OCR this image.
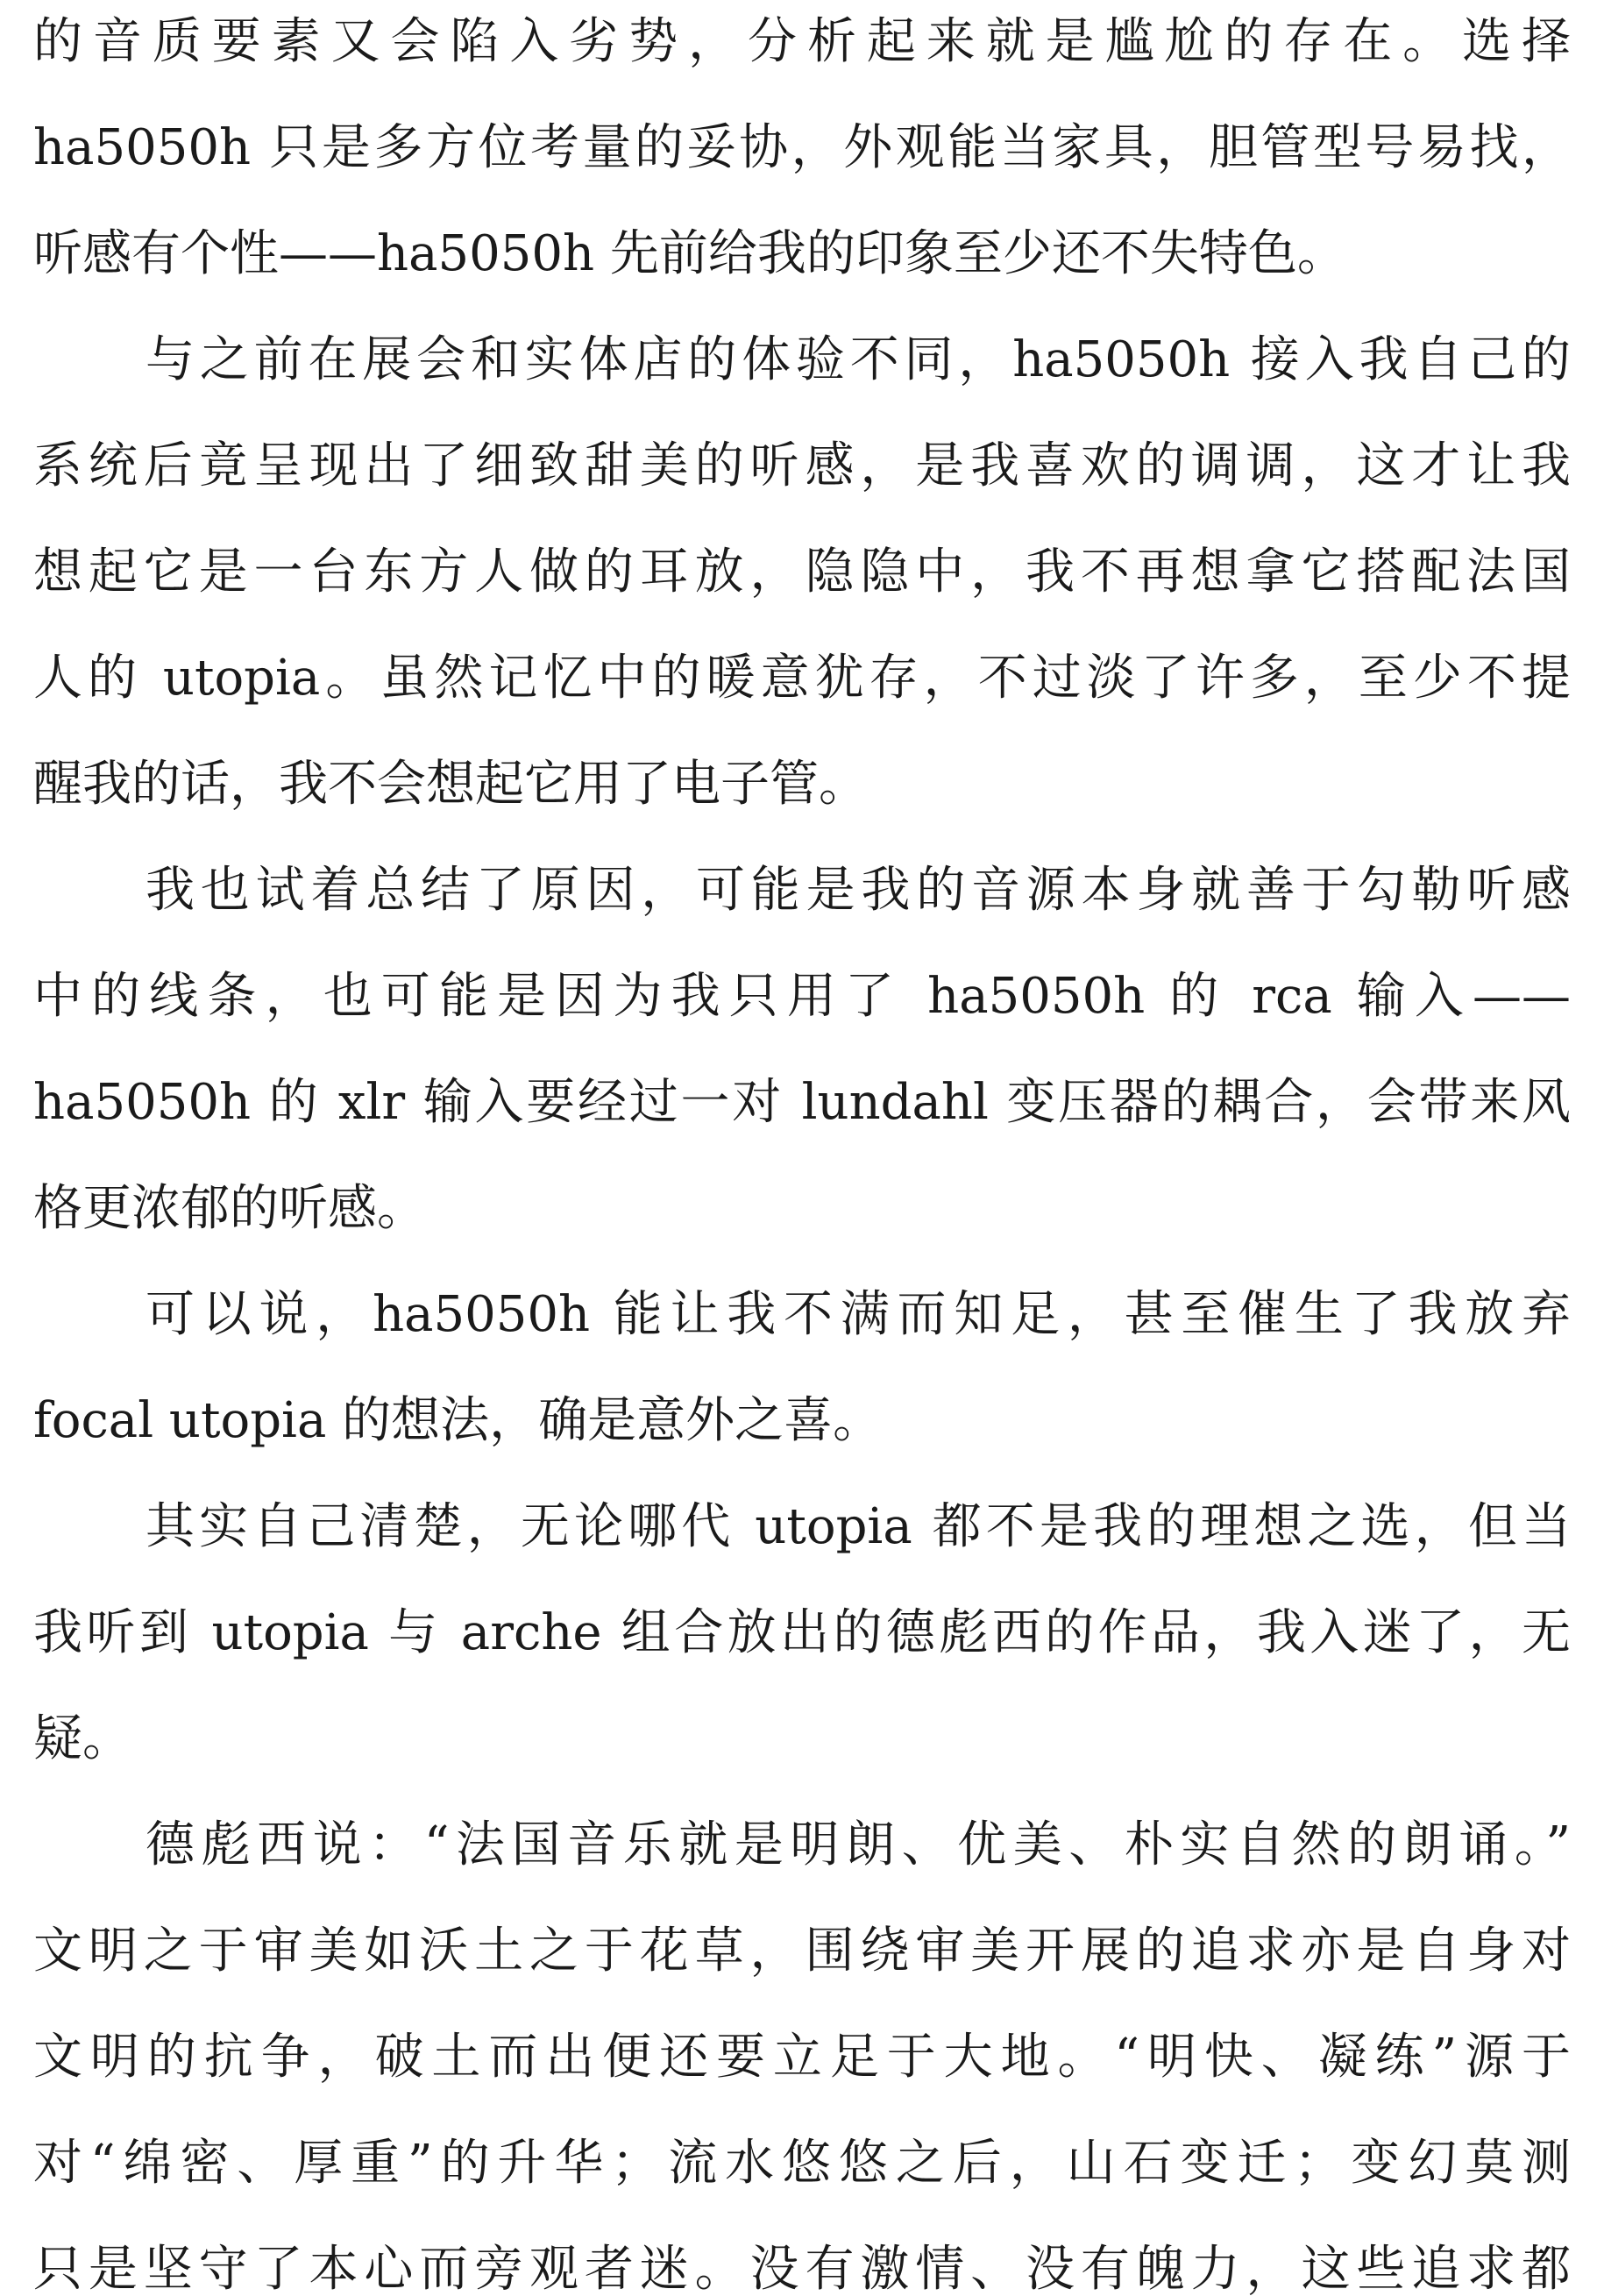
的音质要素又会陷入劣势，分析起来就是尴尬的存在。选择
ha5050h 只是多方位考量的妥协，外观能当家具，胆管型号易找，
听感有个性——ha5050h 先前给我的印象至少还不失特色。
与之前在展会和实体店的体验不同，ha5050h 接入我自己的
系统后竟呈现出了细致甜美的听感，是我喜欢的调调，这才让我
想起它是一台东方人做的耳放，隐隐中，我不再想拿它搭配法国
人的 utopia。虽然记忆中的暖意犹存，不过淡了许多，至少不提
醒我的话，我不会想起它用了电子管。
我也试着总结了原因，可能是我的音源本身就善于勾勒听感
中的线条，也可能是因为我只用了 ha5050h 的 rca 输入——
ha5050h 的 xlr 输入要经过一对 lundahl 变压器的耦合，会带来风
格更浓郁的听感。
可以说，ha5050h 能让我不满而知足，甚至催生了我放弃
focal utopia 的想法，确是意外之喜。
其实自己清楚，无论哪代 utopia 都不是我的理想之选，但当
我听到 utopia 与 arche 组合放出的德彪西的作品，我入迷了，无
疑。
德彪西说：“法国音乐就是明朗、优美、朴实自然的朗诵。”
文明之于审美如沃土之于花草，围绕审美开展的追求亦是自身对
文明的抗争，破土而出便还要立足于大地。“明快、凝练”源于
对“绵密、厚重”的升华；流水悠悠之后，山石变迁；变幻莫测
只是坚守了本心而旁观者迷。没有激情、没有魄力，这些追求都
